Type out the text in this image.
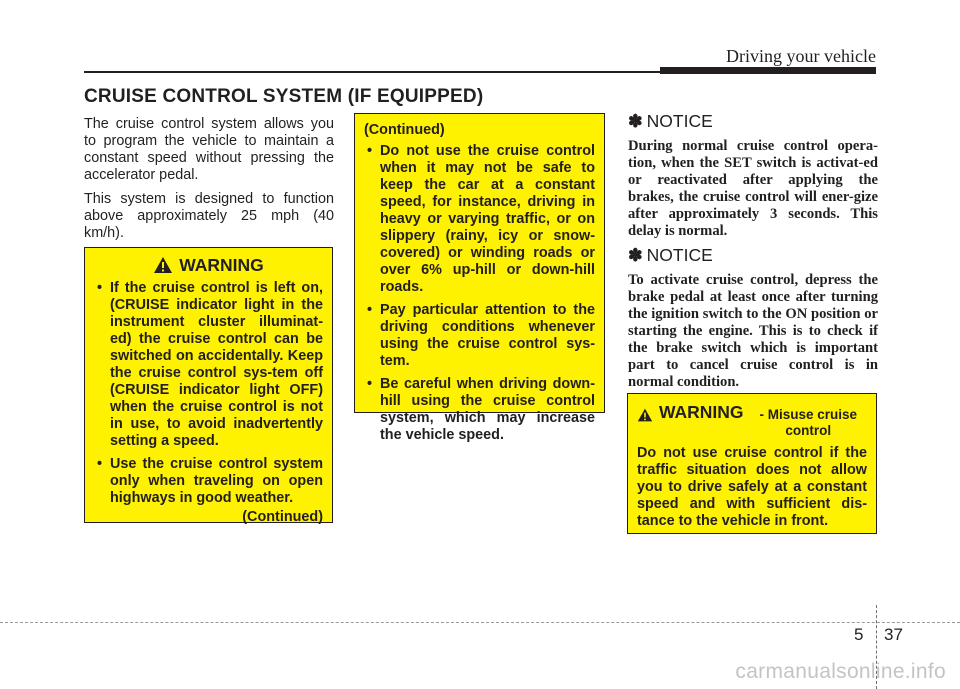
Driving your vehicle
CRUISE CONTROL SYSTEM (IF EQUIPPED)

The cruise control system allows you to program the vehicle to maintain a constant speed without pressing the accelerator pedal.

This system is designed to function above approximately 25 mph (40 km/h).

WARNING
• If the cruise control is left on, (CRUISE indicator light in the instrument cluster illuminat-ed) the cruise control can be switched on accidentally. Keep the cruise control sys-tem off (CRUISE indicator light OFF) when the cruise control is not in use, to avoid inadvertently setting a speed.
• Use the cruise control system only when traveling on open highways in good weather.
(Continued)
(Continued)
• Do not use the cruise control when it may not be safe to keep the car at a constant speed, for instance, driving in heavy or varying traffic, or on slippery (rainy, icy or snow-covered) or winding roads or over 6% up-hill or down-hill roads.
• Pay particular attention to the driving conditions whenever using the cruise control sys-tem.
• Be careful when driving down-hill using the cruise control system, which may increase the vehicle speed.
✽ NOTICE

During normal cruise control opera-tion, when the SET switch is activat-ed or reactivated after applying the brakes, the cruise control will ener-gize after approximately 3 seconds. This delay is normal.

✽ NOTICE

To activate cruise control, depress the brake pedal at least once after turning the ignition switch to the ON position or starting the engine. This is to check if the brake switch which is important part to cancel cruise control is in normal condition.

WARNING	- Misuse cruise control
Do not use cruise control if the traffic situation does not allow you to drive safely at a constant speed and with sufficient dis-tance to the vehicle in front.
5 37
carmanualsonline.info
